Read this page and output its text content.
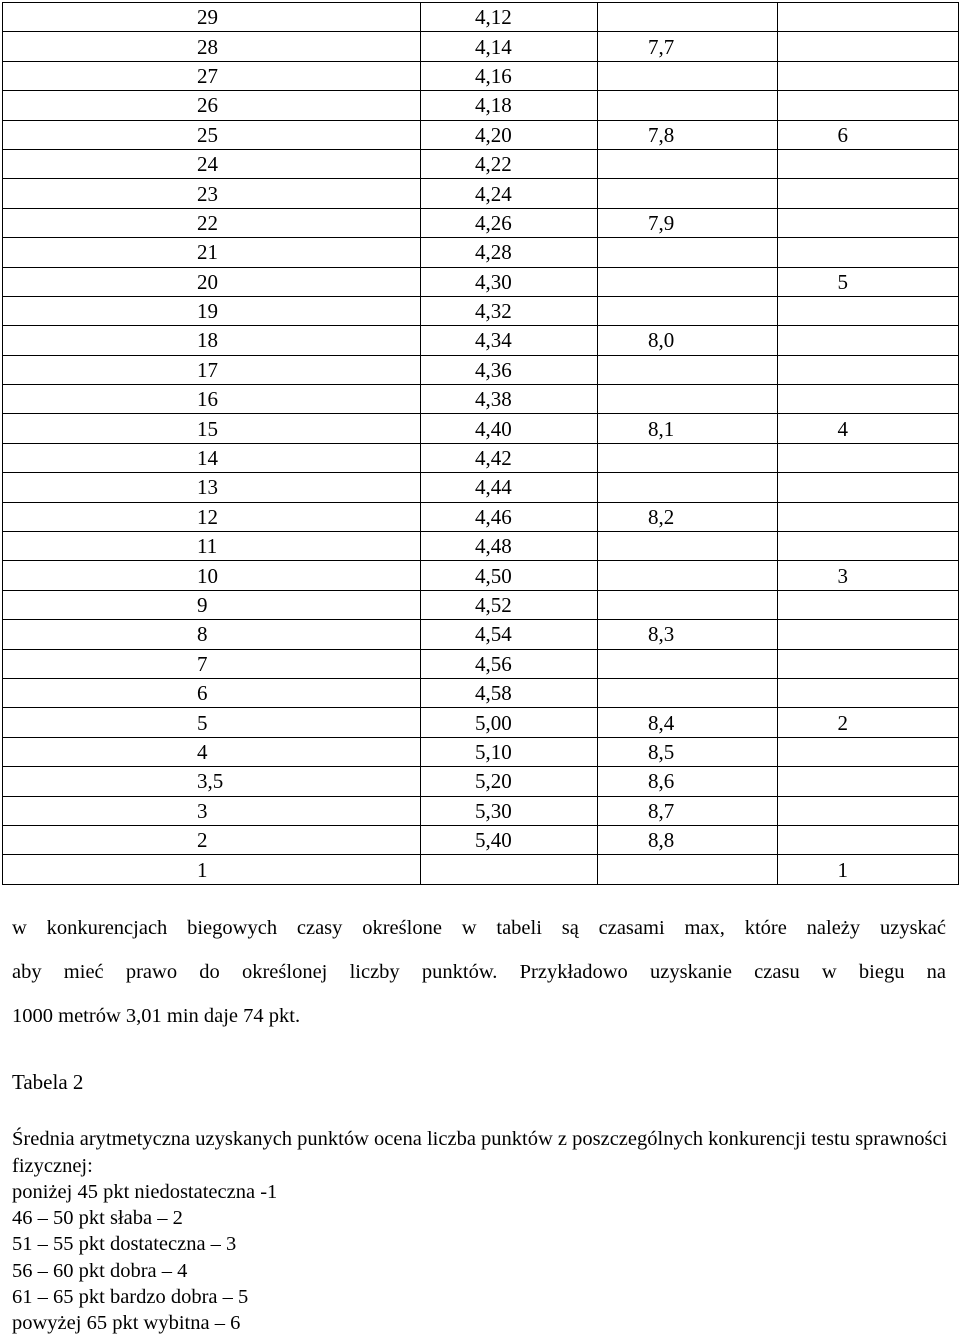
29	4,12		
28	4,14	7,7	
27	4,16		
26	4,18		
25	4,20	7,8	6
24	4,22		
23	4,24		
22	4,26	7,9	
21	4,28		
20	4,30		5
19	4,32		
18	4,34	8,0	
17	4,36		
16	4,38		
15	4,40	8,1	4
14	4,42		
13	4,44		
12	4,46	8,2	
11	4,48		
10	4,50		3
9	4,52		
8	4,54	8,3	
7	4,56		
6	4,58		
5	5,00	8,4	2
4	5,10	8,5	
3,5	5,20	8,6	
3	5,30	8,7	
2	5,40	8,8	
1			1
w konkurencjach biegowych czasy określone w tabeli są czasami max, które należy uzyskać
aby mieć prawo do określonej liczby punktów. Przykładowo uzyskanie czasu w biegu na
1000 metrów 3,01 min daje 74 pkt.

Tabela 2

Średnia arytmetyczna uzyskanych punktów ocena liczba punktów z poszczególnych konkurencji testu sprawności fizycznej:

poniżej 45 pkt niedostateczna -1
46 – 50 pkt słaba – 2
51 – 55 pkt dostateczna – 3
56 – 60 pkt dobra – 4
61 – 65 pkt bardzo dobra – 5
powyżej 65 pkt wybitna – 6
